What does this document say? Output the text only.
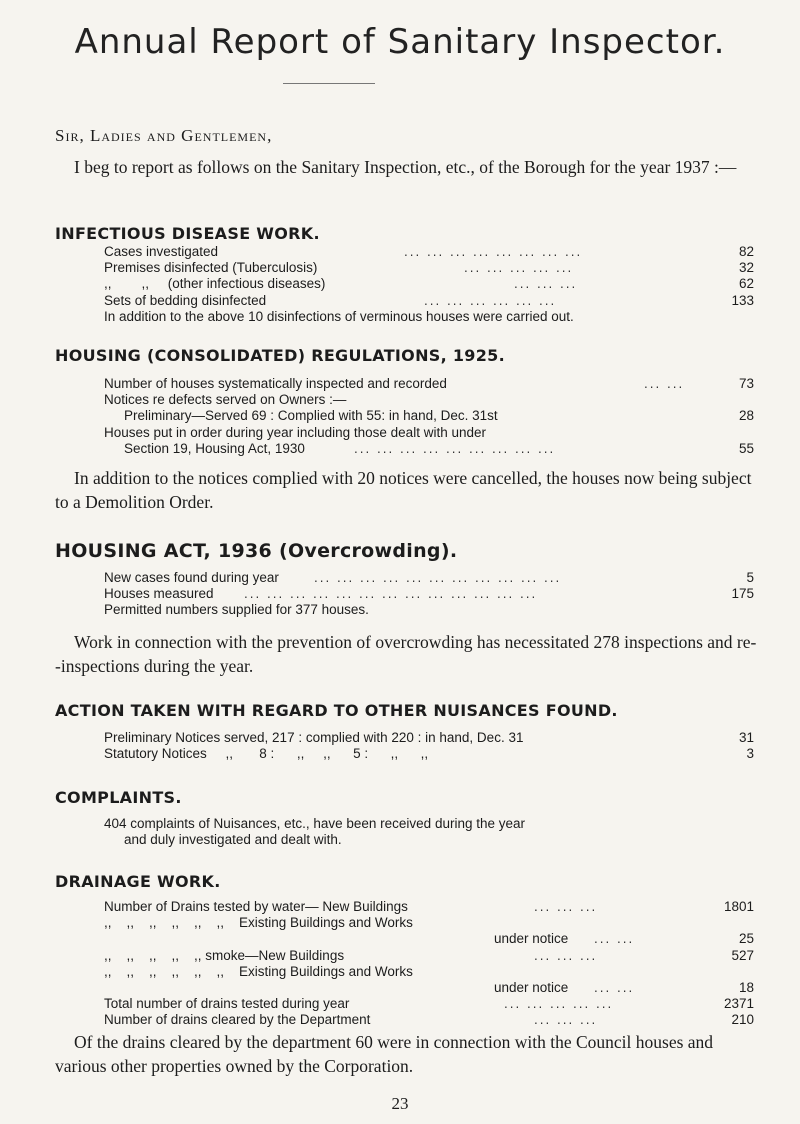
Annual Report of Sanitary Inspector.
Sir, Ladies and Gentlemen,
I beg to report as follows on the Sanitary Inspection, etc., of the Borough for the year 1937 :—
INFECTIOUS DISEASE WORK.
Cases investigated	... ... ... ... ... ... ... ...	82
Premises disinfected (Tuberculosis)	... ... ... ... ...	32
,,        ,,     (other infectious diseases)	... ... ...	62
Sets of bedding disinfected	... ... ... ... ... ...	133
In addition to the above 10 disinfections of verminous houses were carried out.
HOUSING (CONSOLIDATED) REGULATIONS, 1925.
Number of houses systematically inspected and recorded	... ...	73
Notices re defects served on Owners :—
Preliminary—Served 69 : Complied with 55: in hand, Dec. 31st	28
Houses put in order during year including those dealt with under
Section 19, Housing Act, 1930	... ... ... ... ... ... ... ... ...	55
In addition to the notices complied with 20 notices were cancelled, the houses now being subject to a Demolition Order.
HOUSING ACT, 1936 (Overcrowding).
New cases found during year	... ... ... ... ... ... ... ... ... ... ...	5
Houses measured ... ... ... ... ... ... ... ... ... ... ... ... ...	175
Permitted numbers supplied for 377 houses.
Work in connection with the prevention of overcrowding has necessitated 278 inspections and re--inspections during the year.
ACTION TAKEN WITH REGARD TO OTHER NUISANCES FOUND.
Preliminary Notices served, 217 : complied with 220 : in hand, Dec. 31	31
Statutory Notices     ,,       8 :      ,,     ,,      5 :      ,,      ,,	3
COMPLAINTS.
404 complaints of Nuisances, etc., have been received during the year
and duly investigated and dealt with.
DRAINAGE WORK.
Number of Drains tested by water— New Buildings	... ... ...	1801
,,    ,,    ,,    ,,    ,,    ,,    Existing Buildings and Works
under notice ... ...	25
,,    ,,    ,,    ,,    ,, smoke—New Buildings	... ... ...	527
,,    ,,    ,,    ,,    ,,    ,,    Existing Buildings and Works
under notice ... ...	18
Total number of drains tested during year	... ... ... ... ...	2371
Number of drains cleared by the Department	... ... ...	210
Of the drains cleared by the department 60 were in connection with the Council houses and various other properties owned by the Corporation.
23
